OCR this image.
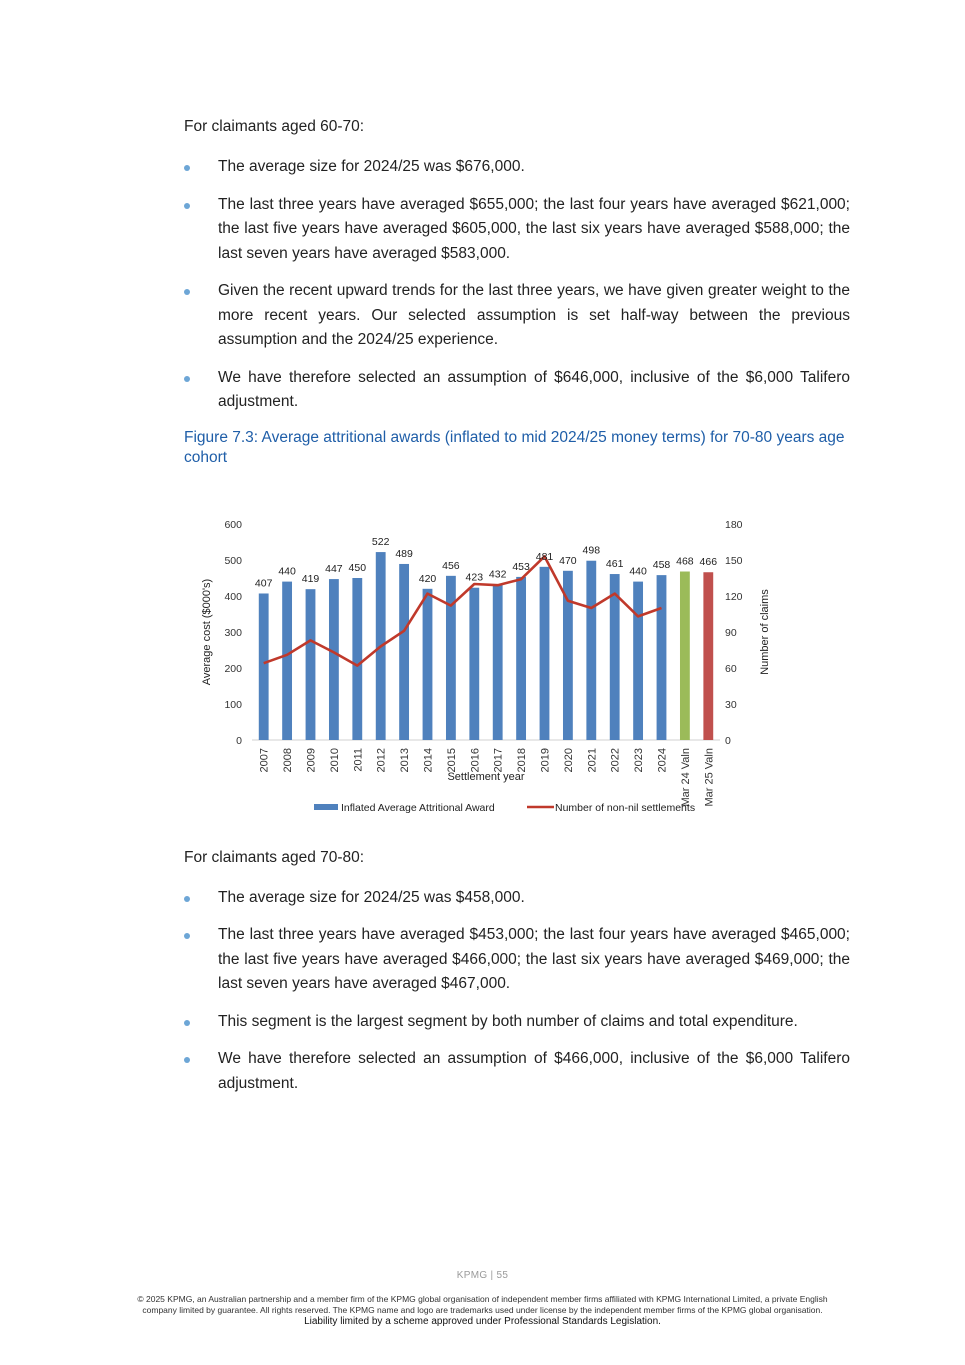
For claimants aged 60-70:

The average size for 2024/25 was $676,000.
The last three years have averaged $655,000; the last four years have averaged $621,000; the last five years have averaged $605,000, the last six years have averaged $588,000; the last seven years have averaged $583,000.
Given the recent upward trends for the last three years, we have given greater weight to the more recent years. Our selected assumption is set half-way between the previous assumption and the 2024/25 experience.
We have therefore selected an assumption of $646,000, inclusive of the $6,000 Talifero adjustment.

Figure 7.3: Average attritional awards (inflated to mid 2024/25 money terms) for 70-80 years age cohort

0
100
200
300
400
500
600
0
30
60
90
120
150
180
407
440
419
447 450
522
489
420
456
423 432
453
481 470
498
461
440
458 468 466
2007 2008 2009 2010 2011 2012 2013 2014 2015 2016 2017 2018 2019 2020 2021 2022 2023 2024 Mar 24 Valn Mar 25 Valn
Settlement year
Average cost ($000's)	Number of claims
Inflated Average Attritional Award	Number of non-nil settlements

For claimants aged 70-80:

The average size for 2024/25 was $458,000.
The last three years have averaged $453,000; the last four years have averaged $465,000; the last five years have averaged $466,000; the last six years have averaged $469,000; the last seven years have averaged $467,000.
This segment is the largest segment by both number of claims and total expenditure.
We have therefore selected an assumption of $466,000, inclusive of the $6,000 Talifero adjustment.
KPMG | 55
© 2025 KPMG, an Australian partnership and a member firm of the KPMG global organisation of independent member firms affiliated with KPMG International Limited, a private English
company limited by guarantee. All rights reserved. The KPMG name and logo are trademarks used under license by the independent member firms of the KPMG global organisation.
Liability limited by a scheme approved under Professional Standards Legislation.
